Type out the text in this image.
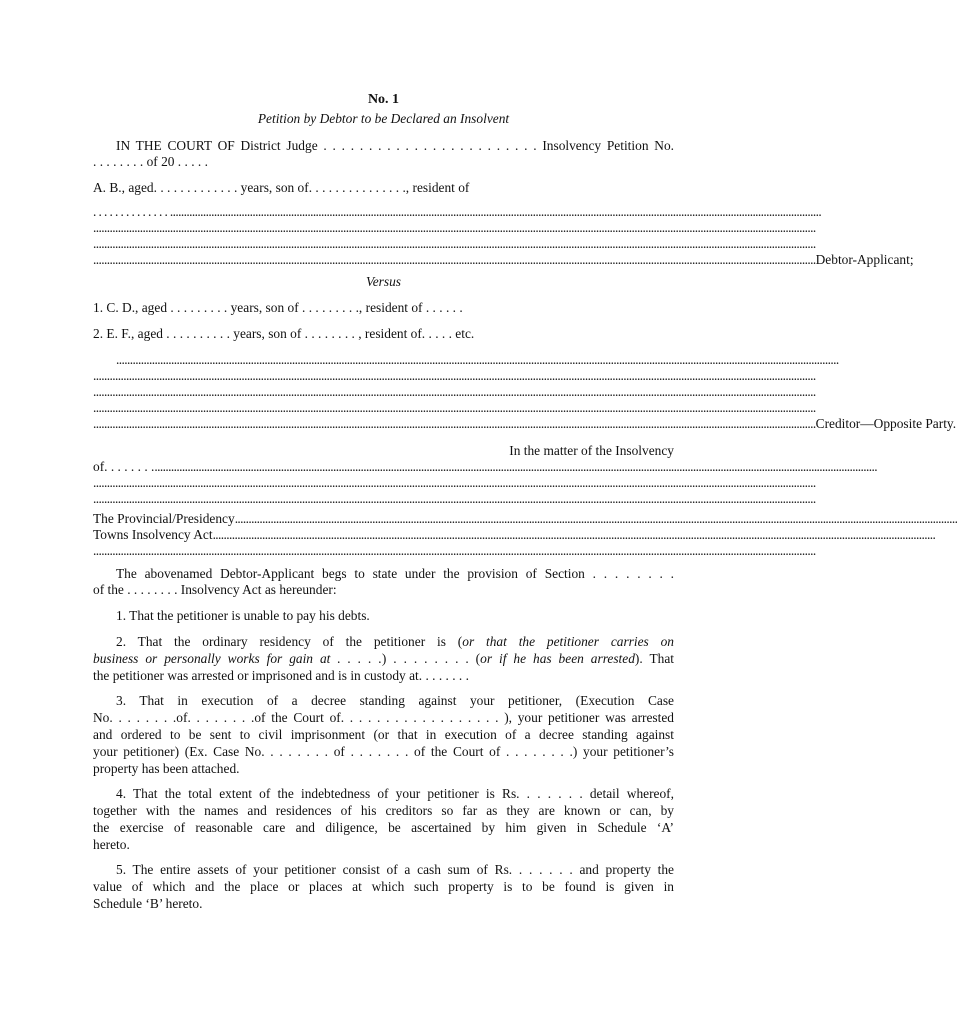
No. 1
Petition by Debtor to be Declared an Insolvent
IN THE COURT OF District Judge . . . . . . . . . . . . . . . . . . . . . . . . Insolvency Petition No.
. . . . . . . . of 20 . . . . .
A. B., aged. . . . . . . . . . . . . years, son of. . . . . . . . . . . . . . ., resident of
. . . . . . . . . . . . . . .............................................................................................................................................................................................................................................
.......................................................................................................................................................................................................................................................................
.......................................................................................................................................................................................................................................................................
....................................................................................................................................................................................................................................................................... Debtor-Applicant;
Versus
1. C. D., aged . . . . . . . . . years, son of . . . . . . . . ., resident of . . . . . .
2. E. F., aged . . . . . . . . . . years, son of . . . . . . . . , resident of. . . . . etc.
.......................................................................................................................................................................................................................................................................
.......................................................................................................................................................................................................................................................................
.......................................................................................................................................................................................................................................................................
.......................................................................................................................................................................................................................................................................
....................................................................................................................................................................................................................................................................... Creditor—Opposite Party.
In the matter of the Insolvency
of. . . . . . . . .......................................................................................................................................................................................................................................................................
.......................................................................................................................................................................................................................................................................
.......................................................................................................................................................................................................................................................................
The Provincial/Presidency .......................................................................................................................................................................................................................................................................
Towns Insolvency Act .......................................................................................................................................................................................................................................................................
.......................................................................................................................................................................................................................................................................
The abovenamed Debtor-Applicant begs to state under the provision of Section . . . . . . . .
of the . . . . . . . . Insolvency Act as hereunder:
1. That the petitioner is unable to pay his debts.
2. That the ordinary residency of the petitioner is (or that the petitioner carries on
business or personally works for gain at . . . . .) . . . . . . . . (or if he has been arrested). That
the petitioner was arrested or imprisoned and is in custody at. . . . . . . .
3. That in execution of a decree standing against your petitioner, (Execution Case
No. . . . . . . .of. . . . . . . .of the Court of. . . . . . . . . . . . . . . . . . ), your petitioner was arrested
and ordered to be sent to civil imprisonment (or that in execution of a decree standing against
your petitioner) (Ex. Case No. . . . . . . . of . . . . . . . of the Court of . . . . . . . .) your petitioner’s
property has been attached.
4. That the total extent of the indebtedness of your petitioner is Rs. . . . . . . detail whereof,
together with the names and residences of his creditors so far as they are known or can, by
the exercise of reasonable care and diligence, be ascertained by him given in Schedule ‘A’
hereto.
5. The entire assets of your petitioner consist of a cash sum of Rs. . . . . . . and property the
value of which and the place or places at which such property is to be found is given in
Schedule ‘B’ hereto.
